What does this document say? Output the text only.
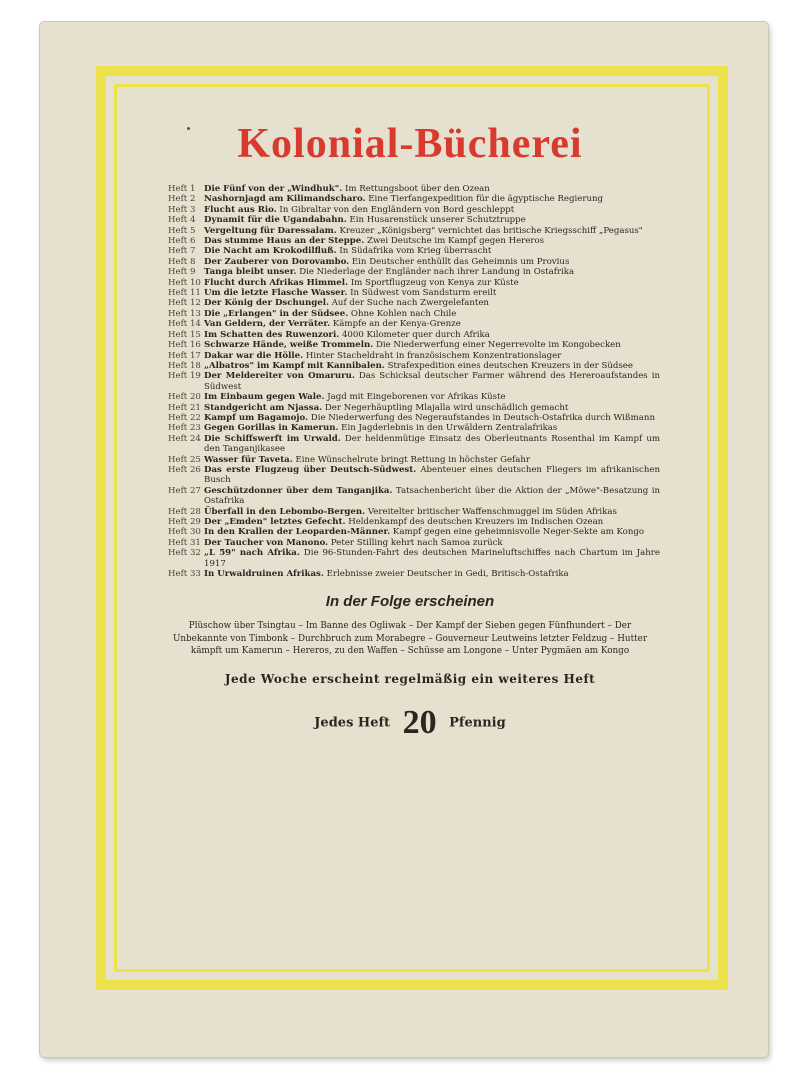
Kolonial-Bücherei
Heft 1 Die Fünf von der „Windhuk". Im Rettungsboot über den Ozean
Heft 2 Nashornjagd am Kilimandscharo. Eine Tierfangexpedition für die ägyptische Regierung
Heft 3 Flucht aus Rio. In Gibraltar von den Engländern von Bord geschleppt
Heft 4 Dynamit für die Ugandabahn. Ein Husarenstück unserer Schutztruppe
Heft 5 Vergeltung für Daressalam. Kreuzer „Königsberg" vernichtet das britische Kriegsschiff „Pegasus"
Heft 6 Das stumme Haus an der Steppe. Zwei Deutsche im Kampf gegen Hereros
Heft 7 Die Nacht am Krokodilfluß. In Südafrika vom Krieg überrascht
Heft 8 Der Zauberer von Dorovambo. Ein Deutscher enthüllt das Geheimnis um Provius
Heft 9 Tanga bleibt unser. Die Niederlage der Engländer nach ihrer Landung in Ostafrika
Heft 10 Flucht durch Afrikas Himmel. Im Sportflugzeug von Kenya zur Küste
Heft 11 Um die letzte Flasche Wasser. In Südwest vom Sandsturm ereilt
Heft 12 Der König der Dschungel. Auf der Suche nach Zwergelefanten
Heft 13 Die „Erlangen" in der Südsee. Ohne Kohlen nach Chile
Heft 14 Van Geldern, der Verräter. Kämpfe an der Kenya-Grenze
Heft 15 Im Schatten des Ruwenzori. 4000 Kilometer quer durch Afrika
Heft 16 Schwarze Hände, weiße Trommeln. Die Niederwerfung einer Negerrevolte im Kongobecken
Heft 17 Dakar war die Hölle. Hinter Stacheldraht in französischem Konzentrationslager
Heft 18 „Albatros" im Kampf mit Kannibalen. Strafexpedition eines deutschen Kreuzers in der Südsee
Heft 19 Der Meldereiter von Omaruru. Das Schicksal deutscher Farmer während des Hereroaufstandes in Südwest
Heft 20 Im Einbaum gegen Wale. Jagd mit Eingeborenen vor Afrikas Küste
Heft 21 Standgericht am Njassa. Der Negerhäuptling Mlajalla wird unschädlich gemacht
Heft 22 Kampf um Bagamojo. Die Niederwerfung des Negeraufstandes in Deutsch-Ostafrika durch Wißmann
Heft 23 Gegen Gorillas in Kamerun. Ein Jagderlebnis in den Urwäldern Zentralafrikas
Heft 24 Die Schiffswerft im Urwald. Der heldenmütige Einsatz des Oberleutnants Rosenthal im Kampf um den Tanganjikasee
Heft 25 Wasser für Taveta. Eine Wünschelrute bringt Rettung in höchster Gefahr
Heft 26 Das erste Flugzeug über Deutsch-Südwest. Abenteuer eines deutschen Fliegers im afrikanischen Busch
Heft 27 Geschützdonner über dem Tanganjika. Tatsachenbericht über die Aktion der „Möwe"-Besatzung in Ostafrika
Heft 28 Überfall in den Lebombo-Bergen. Vereitelter britischer Waffenschmuggel im Süden Afrikas
Heft 29 Der „Emden" letztes Gefecht. Heldenkampf des deutschen Kreuzers im Indischen Ozean
Heft 30 In den Krallen der Leoparden-Männer. Kampf gegen eine geheimnisvolle Neger-Sekte am Kongo
Heft 31 Der Taucher von Manono. Peter Stilling kehrt nach Samoa zurück
Heft 32 „L 59" nach Afrika. Die 96-Stunden-Fahrt des deutschen Marineluftschiffes nach Chartum im Jahre 1917
Heft 33 In Urwaldruinen Afrikas. Erlebnisse zweier Deutscher in Gedi, Britisch-Ostafrika
In der Folge erscheinen
Plüschow über Tsingtau – Im Banne des Ogliwak – Der Kampf der Sieben gegen Fünfhundert – Der Unbekannte von Timbonk – Durchbruch zum Morabegre – Gouverneur Leutweins letzter Feldzug – Hutter kämpft um Kamerun – Hereros, zu den Waffen – Schüsse am Longone – Unter Pygmäen am Kongo
Jede Woche erscheint regelmäßig ein weiteres Heft
Jedes Heft 20 Pfennig
